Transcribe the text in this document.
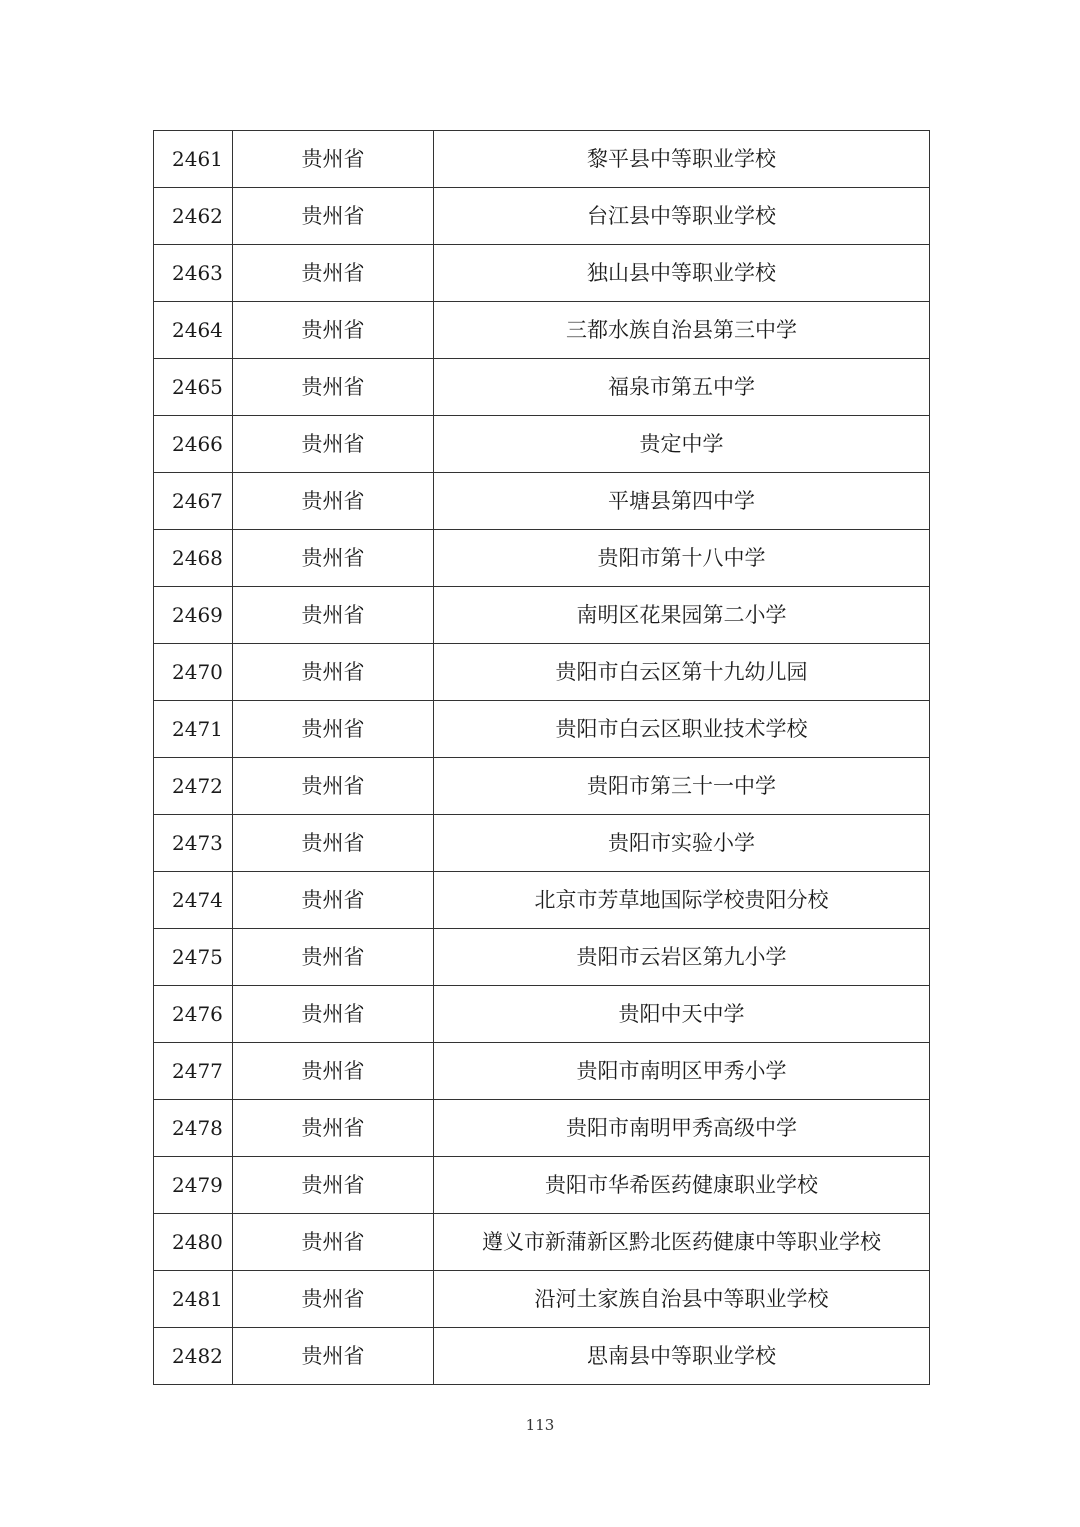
2461	贵州省	黎平县中等职业学校
2462	贵州省	台江县中等职业学校
2463	贵州省	独山县中等职业学校
2464	贵州省	三都水族自治县第三中学
2465	贵州省	福泉市第五中学
2466	贵州省	贵定中学
2467	贵州省	平塘县第四中学
2468	贵州省	贵阳市第十八中学
2469	贵州省	南明区花果园第二小学
2470	贵州省	贵阳市白云区第十九幼儿园
2471	贵州省	贵阳市白云区职业技术学校
2472	贵州省	贵阳市第三十一中学
2473	贵州省	贵阳市实验小学
2474	贵州省	北京市芳草地国际学校贵阳分校
2475	贵州省	贵阳市云岩区第九小学
2476	贵州省	贵阳中天中学
2477	贵州省	贵阳市南明区甲秀小学
2478	贵州省	贵阳市南明甲秀高级中学
2479	贵州省	贵阳市华希医药健康职业学校
2480	贵州省	遵义市新蒲新区黔北医药健康中等职业学校
2481	贵州省	沿河土家族自治县中等职业学校
2482	贵州省	思南县中等职业学校
113
